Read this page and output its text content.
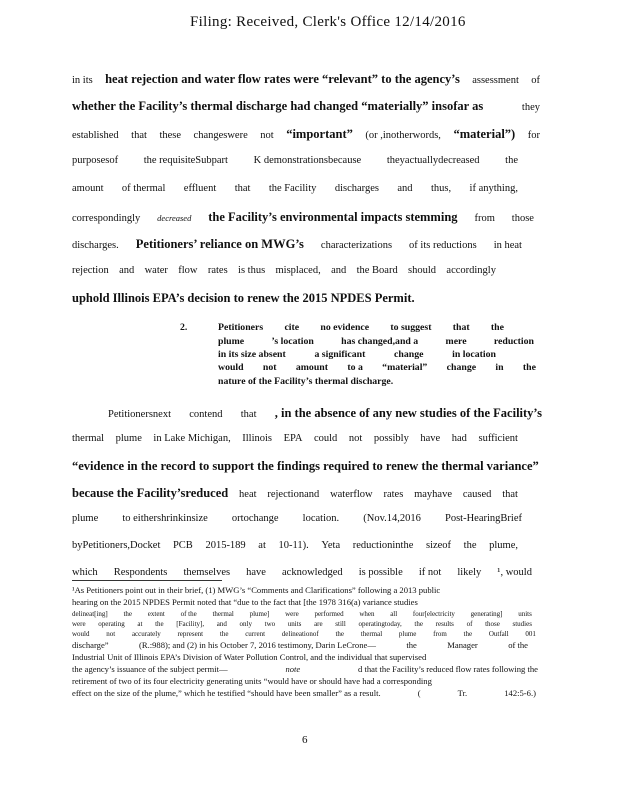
Filing: Received, Clerk's Office 12/14/2016
in its heat rejection and water flow rates were “relevant” to the agency’s assessment of
whether the Facility’s thermal discharge had changed “materially” insofar as	they
established that these changeswere not “important” (or ,inotherwords, “material”) for
purposesof the requisiteSubpart K demonstrationsbecause theyactuallydecreased the
amount of thermal effluent that the Facility discharges and thus, if anything,
correspondingly decreased the Facility’s environmental impacts stemming from those
discharges. Petitioners’ reliance on MWG’s characterizations of its reductions in heat
rejection and water flow rates is thus misplaced, and the Board should accordingly
uphold Illinois EPA’s decision to renew the 2015 NPDES Permit.
2.	Petitioners cite no evidence to suggest that the
plume	’s location	has changed,and a	mere	reduction
in its size absent	a significant	change	in location
would not amount to a “material” change in the
nature of the Facility’s thermal discharge.
Petitionersnext contend that , in the absence of any new studies of the Facility’s
thermal plume in Lake Michigan, Illinois EPA could not possibly have had sufficient
“evidence in the record to support the findings required to renew the thermal variance”
because the Facility’sreduced heat rejectionand waterflow rates mayhave caused that
plume to eithershrinkinsize ortochange location. (Nov.14,2016 Post-HearingBrief
byPetitioners,Docket PCB 2015-189 at 10-11). Yeta reductioninthe sizeof the plume,
which Respondents themselves have acknowledged is possible if not likely ¹, would
¹As Petitioners point out in their brief, (1) MWG’s “Comments and Clarifications” following a 2013 public
hearing on the 2015 NPDES Permit noted that “due to the fact that [the 1978 316(a) variance studies
delineat[ing] the extent of the thermal plume] were performed when all four[electricity generating] units
were operating at the [Facility], and only two units are still operatingtoday, the results of those studies
would not accurately represent the current delineationof the thermal plume from the Outfall 001
discharge”	(R.:988); and (2) in his October 7, 2016 testimony, Darin LeCrone—	the	Manager	of the
Industrial Unit of Illinois EPA’s Division of Water Pollution Control, and the individual that supervised
the agency’s issuance of the subject permit—	note	d that the Facility’s reduced flow rates following the
retirement of two of its four electricity generating units “would have or should have had a corresponding
effect on the size of the plume,” which he testified “should have been smaller” as a result.	(	Tr.	142:5-6.)
6
